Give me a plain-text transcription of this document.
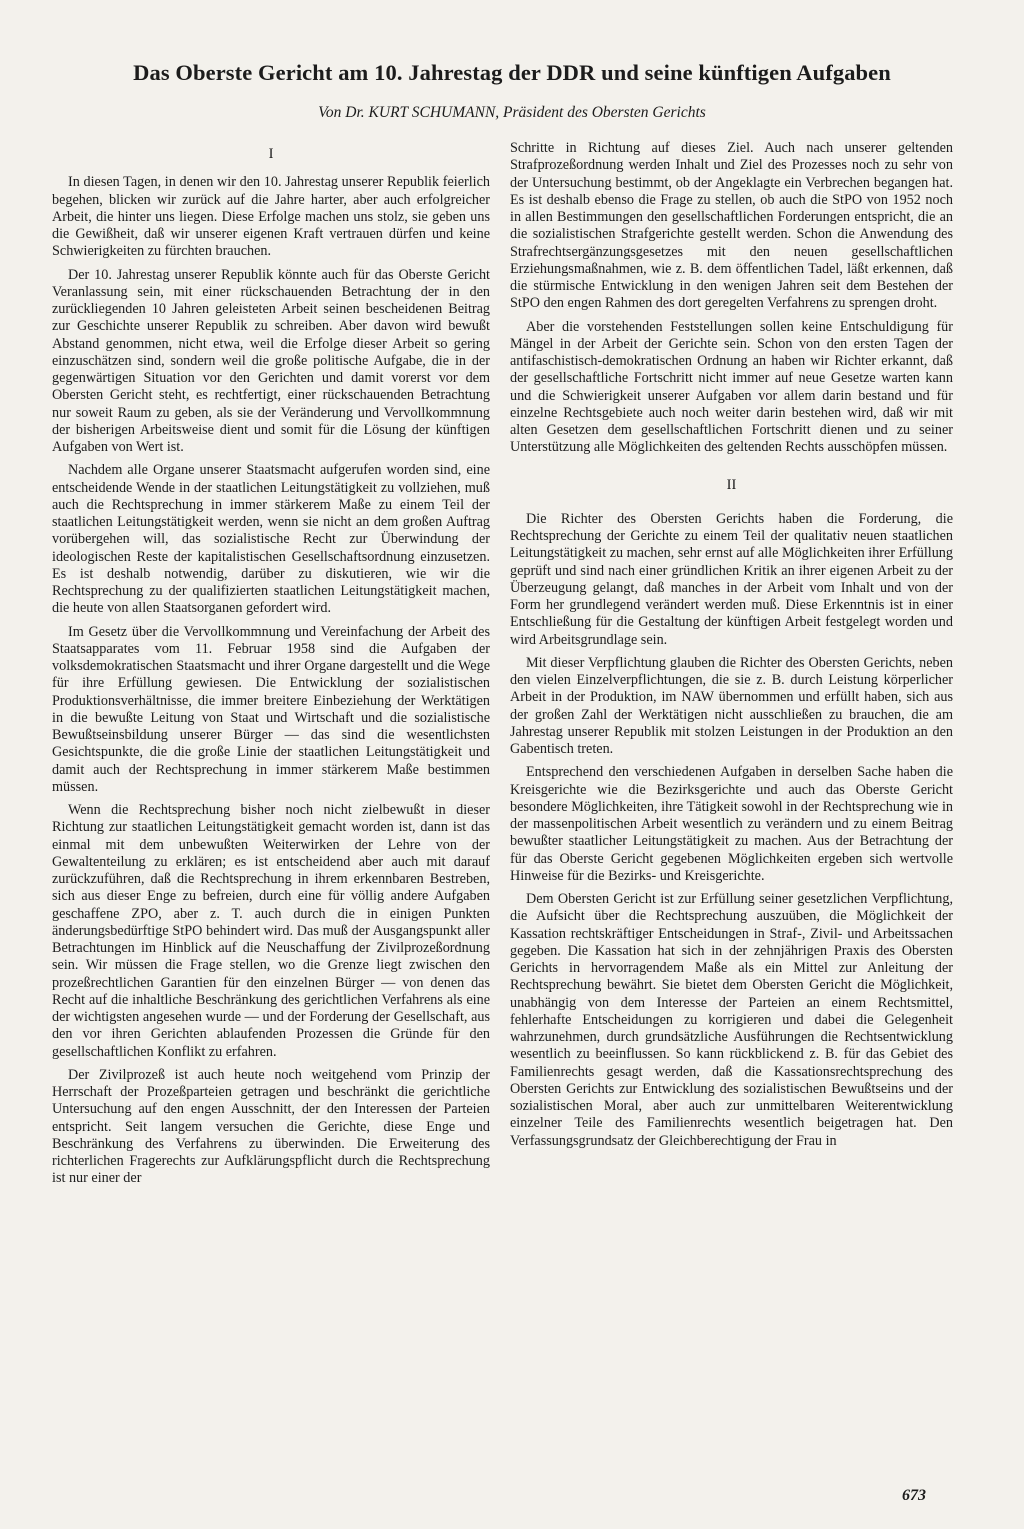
Das Oberste Gericht am 10. Jahrestag der DDR und seine künftigen Aufgaben

Von Dr. KURT SCHUMANN, Präsident des Obersten Gerichts

I

In diesen Tagen, in denen wir den 10. Jahrestag unserer Republik feierlich begehen, blicken wir zurück auf die Jahre harter, aber auch erfolgreicher Arbeit, die hinter uns liegen. Diese Erfolge machen uns stolz, sie geben uns die Gewißheit, daß wir unserer eigenen Kraft vertrauen dürfen und keine Schwierigkeiten zu fürchten brauchen.

Der 10. Jahrestag unserer Republik könnte auch für das Oberste Gericht Veranlassung sein, mit einer rückschauenden Betrachtung der in den zurückliegenden 10 Jahren geleisteten Arbeit seinen bescheidenen Beitrag zur Geschichte unserer Republik zu schreiben. Aber davon wird bewußt Abstand genommen, nicht etwa, weil die Erfolge dieser Arbeit so gering einzuschätzen sind, sondern weil die große politische Aufgabe, die in der gegenwärtigen Situation vor den Gerichten und damit vorerst vor dem Obersten Gericht steht, es rechtfertigt, einer rückschauenden Betrachtung nur soweit Raum zu geben, als sie der Veränderung und Vervollkommnung der bisherigen Arbeitsweise dient und somit für die Lösung der künftigen Aufgaben von Wert ist.

Nachdem alle Organe unserer Staatsmacht aufgerufen worden sind, eine entscheidende Wende in der staatlichen Leitungstätigkeit zu vollziehen, muß auch die Rechtsprechung in immer stärkerem Maße zu einem Teil der staatlichen Leitungstätigkeit werden, wenn sie nicht an dem großen Auftrag vorübergehen will, das sozialistische Recht zur Überwindung der ideologischen Reste der kapitalistischen Gesellschaftsordnung einzusetzen. Es ist deshalb notwendig, darüber zu diskutieren, wie wir die Rechtsprechung zu der qualifizierten staatlichen Leitungstätigkeit machen, die heute von allen Staatsorganen gefordert wird.

Im Gesetz über die Vervollkommnung und Vereinfachung der Arbeit des Staatsapparates vom 11. Februar 1958 sind die Aufgaben der volksdemokratischen Staatsmacht und ihrer Organe dargestellt und die Wege für ihre Erfüllung gewiesen. Die Entwicklung der sozialistischen Produktionsverhältnisse, die immer breitere Einbeziehung der Werktätigen in die bewußte Leitung von Staat und Wirtschaft und die sozialistische Bewußtseinsbildung unserer Bürger — das sind die wesentlichsten Gesichtspunkte, die die große Linie der staatlichen Leitungstätigkeit und damit auch der Rechtsprechung in immer stärkerem Maße bestimmen müssen.

Wenn die Rechtsprechung bisher noch nicht zielbewußt in dieser Richtung zur staatlichen Leitungstätigkeit gemacht worden ist, dann ist das einmal mit dem unbewußten Weiterwirken der Lehre von der Gewaltenteilung zu erklären; es ist entscheidend aber auch mit darauf zurückzuführen, daß die Rechtsprechung in ihrem erkennbaren Bestreben, sich aus dieser Enge zu befreien, durch eine für völlig andere Aufgaben geschaffene ZPO, aber z. T. auch durch die in einigen Punkten änderungsbedürftige StPO behindert wird. Das muß der Ausgangspunkt aller Betrachtungen im Hinblick auf die Neuschaffung der Zivilprozeßordnung sein. Wir müssen die Frage stellen, wo die Grenze liegt zwischen den prozeßrechtlichen Garantien für den einzelnen Bürger — von denen das Recht auf die inhaltliche Beschränkung des gerichtlichen Verfahrens als eine der wichtigsten angesehen wurde — und der Forderung der Gesellschaft, aus den vor ihren Gerichten ablaufenden Prozessen die Gründe für den gesellschaftlichen Konflikt zu erfahren.

Der Zivilprozeß ist auch heute noch weitgehend vom Prinzip der Herrschaft der Prozeßparteien getragen und beschränkt die gerichtliche Untersuchung auf den engen Ausschnitt, der den Interessen der Parteien entspricht. Seit langem versuchen die Gerichte, diese Enge und Beschränkung des Verfahrens zu überwinden. Die Erweiterung des richterlichen Fragerechts zur Aufklärungspflicht durch die Rechtsprechung ist nur einer der

Schritte in Richtung auf dieses Ziel. Auch nach unserer geltenden Strafprozeßordnung werden Inhalt und Ziel des Prozesses noch zu sehr von der Untersuchung bestimmt, ob der Angeklagte ein Verbrechen begangen hat. Es ist deshalb ebenso die Frage zu stellen, ob auch die StPO von 1952 noch in allen Bestimmungen den gesellschaftlichen Forderungen entspricht, die an die sozialistischen Strafgerichte gestellt werden. Schon die Anwendung des Strafrechtsergänzungsgesetzes mit den neuen gesellschaftlichen Erziehungsmaßnahmen, wie z. B. dem öffentlichen Tadel, läßt erkennen, daß die stürmische Entwicklung in den wenigen Jahren seit dem Bestehen der StPO den engen Rahmen des dort geregelten Verfahrens zu sprengen droht.

Aber die vorstehenden Feststellungen sollen keine Entschuldigung für Mängel in der Arbeit der Gerichte sein. Schon von den ersten Tagen der antifaschistisch-demokratischen Ordnung an haben wir Richter erkannt, daß der gesellschaftliche Fortschritt nicht immer auf neue Gesetze warten kann und die Schwierigkeit unserer Aufgaben vor allem darin bestand und für einzelne Rechtsgebiete auch noch weiter darin bestehen wird, daß wir mit alten Gesetzen dem gesellschaftlichen Fortschritt dienen und zu seiner Unterstützung alle Möglichkeiten des geltenden Rechts ausschöpfen müssen.

II

Die Richter des Obersten Gerichts haben die Forderung, die Rechtsprechung der Gerichte zu einem Teil der qualitativ neuen staatlichen Leitungstätigkeit zu machen, sehr ernst auf alle Möglichkeiten ihrer Erfüllung geprüft und sind nach einer gründlichen Kritik an ihrer eigenen Arbeit zu der Überzeugung gelangt, daß manches in der Arbeit vom Inhalt und von der Form her grundlegend verändert werden muß. Diese Erkenntnis ist in einer Entschließung für die Gestaltung der künftigen Arbeit festgelegt worden und wird Arbeitsgrundlage sein.

Mit dieser Verpflichtung glauben die Richter des Obersten Gerichts, neben den vielen Einzelverpflichtungen, die sie z. B. durch Leistung körperlicher Arbeit in der Produktion, im NAW übernommen und erfüllt haben, sich aus der großen Zahl der Werktätigen nicht ausschließen zu brauchen, die am Jahrestag unserer Republik mit stolzen Leistungen in der Produktion an den Gabentisch treten.

Entsprechend den verschiedenen Aufgaben in derselben Sache haben die Kreisgerichte wie die Bezirksgerichte und auch das Oberste Gericht besondere Möglichkeiten, ihre Tätigkeit sowohl in der Rechtsprechung wie in der massenpolitischen Arbeit wesentlich zu verändern und zu einem Beitrag bewußter staatlicher Leitungstätigkeit zu machen. Aus der Betrachtung der für das Oberste Gericht gegebenen Möglichkeiten ergeben sich wertvolle Hinweise für die Bezirks- und Kreisgerichte.

Dem Obersten Gericht ist zur Erfüllung seiner gesetzlichen Verpflichtung, die Aufsicht über die Rechtsprechung auszuüben, die Möglichkeit der Kassation rechtskräftiger Entscheidungen in Straf-, Zivil- und Arbeitssachen gegeben. Die Kassation hat sich in der zehnjährigen Praxis des Obersten Gerichts in hervorragendem Maße als ein Mittel zur Anleitung der Rechtsprechung bewährt. Sie bietet dem Obersten Gericht die Möglichkeit, unabhängig von dem Interesse der Parteien an einem Rechtsmittel, fehlerhafte Entscheidungen zu korrigieren und dabei die Gelegenheit wahrzunehmen, durch grundsätzliche Ausführungen die Rechtsentwicklung wesentlich zu beeinflussen. So kann rückblickend z. B. für das Gebiet des Familienrechts gesagt werden, daß die Kassationsrechtsprechung des Obersten Gerichts zur Entwicklung des sozialistischen Bewußtseins und der sozialistischen Moral, aber auch zur unmittelbaren Weiterentwicklung einzelner Teile des Familienrechts wesentlich beigetragen hat. Den Verfassungsgrundsatz der Gleichberechtigung der Frau in

673
